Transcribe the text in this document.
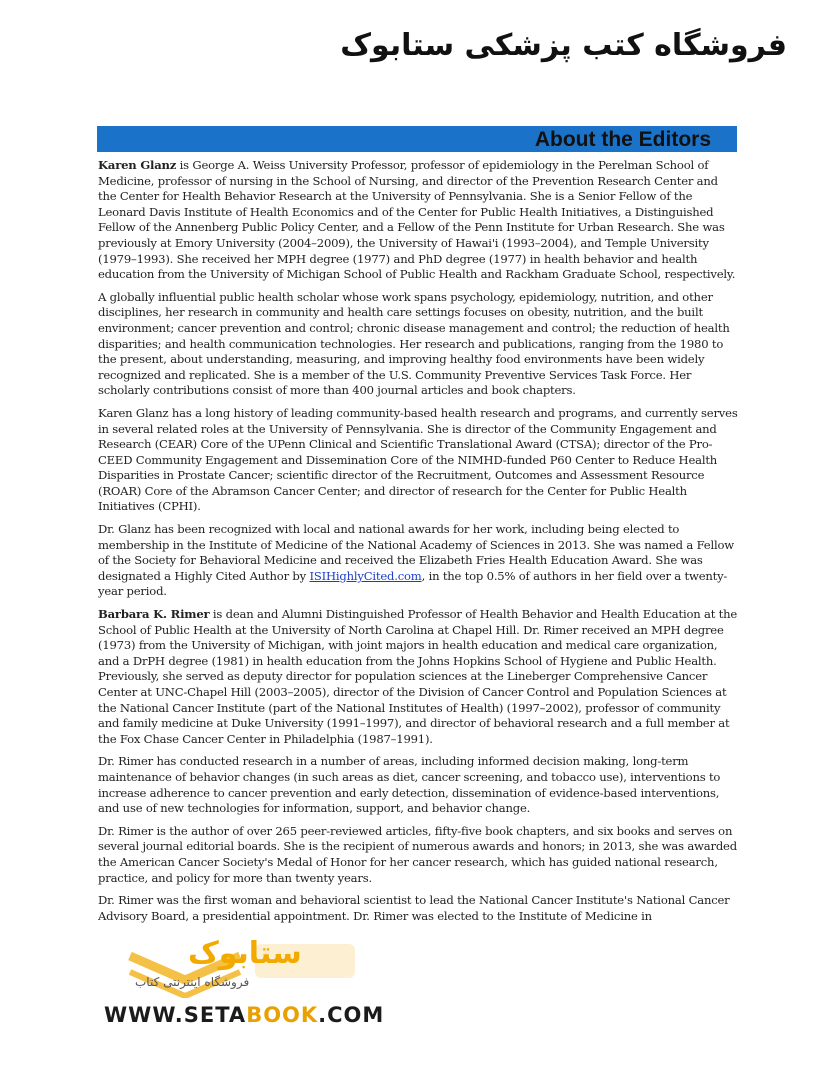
فروشگاه کتب پزشکی ستابوک
About the Editors

Karen Glanz is George A. Weiss University Professor, professor of epidemiology in the Perelman School of Medicine, professor of nursing in the School of Nursing, and director of the Prevention Research Center and the Center for Health Behavior Research at the University of Pennsylvania. She is a Senior Fellow of the Leonard Davis Institute of Health Economics and of the Center for Public Health Initiatives, a Distinguished Fellow of the Annenberg Public Policy Center, and a Fellow of the Penn Institute for Urban Research. She was previously at Emory University (2004–2009), the University of Hawai'i (1993–2004), and Temple University (1979–1993). She received her MPH degree (1977) and PhD degree (1977) in health behavior and health education from the University of Michigan School of Public Health and Rackham Graduate School, respectively.

A globally influential public health scholar whose work spans psychology, epidemiology, nutrition, and other disciplines, her research in community and health care settings focuses on obesity, nutrition, and the built environment; cancer prevention and control; chronic disease management and control; the reduction of health disparities; and health communication technologies. Her research and publications, ranging from the 1980 to the present, about understanding, measuring, and improving healthy food environments have been widely recognized and replicated. She is a member of the U.S. Community Preventive Services Task Force. Her scholarly contributions consist of more than 400 journal articles and book chapters.

Karen Glanz has a long history of leading community-based health research and programs, and currently serves in several related roles at the University of Pennsylvania. She is director of the Community Engagement and Research (CEAR) Core of the UPenn Clinical and Scientific Translational Award (CTSA); director of the Pro-CEED Community Engagement and Dissemination Core of the NIMHD-funded P60 Center to Reduce Health Disparities in Prostate Cancer; scientific director of the Recruitment, Outcomes and Assessment Resource (ROAR) Core of the Abramson Cancer Center; and director of research for the Center for Public Health Initiatives (CPHI).

Dr. Glanz has been recognized with local and national awards for her work, including being elected to membership in the Institute of Medicine of the National Academy of Sciences in 2013. She was named a Fellow of the Society for Behavioral Medicine and received the Elizabeth Fries Health Education Award. She was designated a Highly Cited Author by ISIHighlyCited.com, in the top 0.5% of authors in her field over a twenty-year period.

Barbara K. Rimer is dean and Alumni Distinguished Professor of Health Behavior and Health Education at the School of Public Health at the University of North Carolina at Chapel Hill. Dr. Rimer received an MPH degree (1973) from the University of Michigan, with joint majors in health education and medical care organization, and a DrPH degree (1981) in health education from the Johns Hopkins School of Hygiene and Public Health. Previously, she served as deputy director for population sciences at the Lineberger Comprehensive Cancer Center at UNC-Chapel Hill (2003–2005), director of the Division of Cancer Control and Population Sciences at the National Cancer Institute (part of the National Institutes of Health) (1997–2002), professor of community and family medicine at Duke University (1991–1997), and director of behavioral research and a full member at the Fox Chase Cancer Center in Philadelphia (1987–1991).

Dr. Rimer has conducted research in a number of areas, including informed decision making, long-term maintenance of behavior changes (in such areas as diet, cancer screening, and tobacco use), interventions to increase adherence to cancer prevention and early detection, dissemination of evidence-based interventions, and use of new technologies for information, support, and behavior change.

Dr. Rimer is the author of over 265 peer-reviewed articles, fifty-five book chapters, and six books and serves on several journal editorial boards. She is the recipient of numerous awards and honors; in 2013, she was awarded the American Cancer Society's Medal of Honor for her cancer research, which has guided national research, practice, and policy for more than twenty years.

Dr. Rimer was the first woman and behavioral scientist to lead the National Cancer Institute's National Cancer Advisory Board, a presidential appointment. Dr. Rimer was elected to the Institute of Medicine in

ستابوک
فروشگاه اینترنتی کتاب
WWW.SETABOOK.COM
